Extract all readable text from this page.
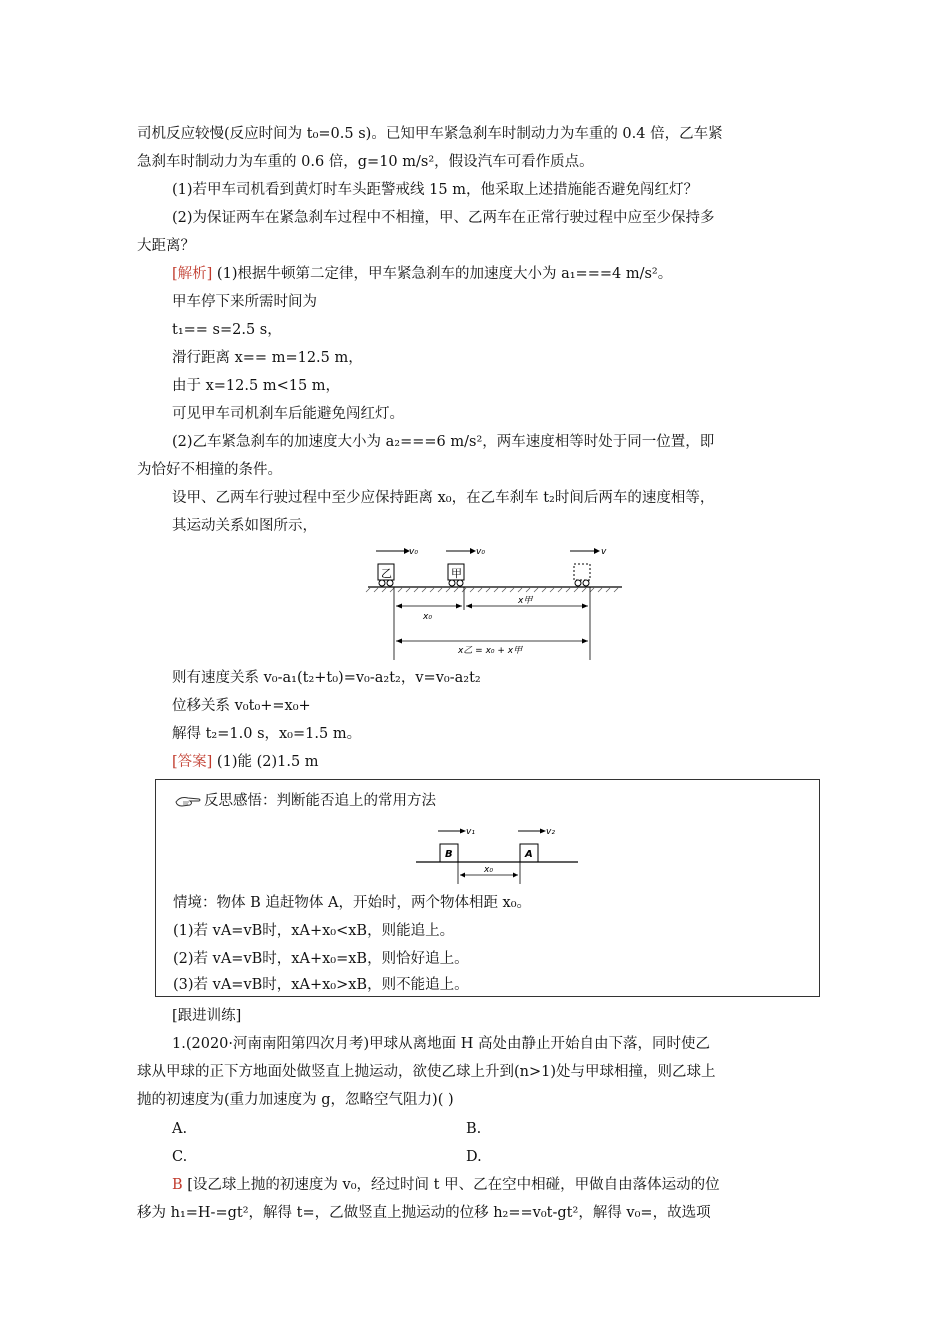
司机反应较慢(反应时间为 t₀=0.5 s)。已知甲车紧急刹车时制动力为车重的 0.4 倍，乙车紧
急刹车时制动力为车重的 0.6 倍，g=10 m/s²，假设汽车可看作质点。
(1)若甲车司机看到黄灯时车头距警戒线 15 m，他采取上述措施能否避免闯红灯？
(2)为保证两车在紧急刹车过程中不相撞，甲、乙两车在正常行驶过程中应至少保持多
大距离？
[解析] (1)根据牛顿第二定律，甲车紧急刹车的加速度大小为 a₁===4 m/s²。
甲车停下来所需时间为
t₁== s=2.5 s，
滑行距离 x== m=12.5 m，
由于 x=12.5 m<15 m，
可见甲车司机刹车后能避免闯红灯。
(2)乙车紧急刹车的加速度大小为 a₂===6 m/s²，两车速度相等时处于同一位置，即
为恰好不相撞的条件。
设甲、乙两车行驶过程中至少应保持距离 x₀，在乙车刹车 t₂时间后两车的速度相等，
其运动关系如图所示，
v₀	v₀	v
乙	甲
x₀
x甲
x乙 = x₀ + x甲
则有速度关系 v₀-a₁(t₂+t₀)=v₀-a₂t₂，v=v₀-a₂t₂
位移关系 v₀t₀+=x₀+
解得 t₂=1.0 s，x₀=1.5 m。
[答案] (1)能 (2)1.5 m
反思感悟：判断能否追上的常用方法
v₁	v₂
B	A
x₀
情境：物体 B 追赶物体 A，开始时，两个物体相距 x₀。
(1)若 vA=vB时，xA+x₀<xB，则能追上。
(2)若 vA=vB时，xA+x₀=xB，则恰好追上。
(3)若 vA=vB时，xA+x₀>xB，则不能追上。
[跟进训练]
1.(2020·河南南阳第四次月考)甲球从离地面 H 高处由静止开始自由下落，同时使乙
球从甲球的正下方地面处做竖直上抛运动，欲使乙球上升到(n>1)处与甲球相撞，则乙球上
抛的初速度为(重力加速度为 g，忽略空气阻力)( )
A.	B.
C.	D.
B [设乙球上抛的初速度为 v₀，经过时间 t 甲、乙在空中相碰，甲做自由落体运动的位
移为 h₁=H-=gt²，解得 t=，乙做竖直上抛运动的位移 h₂==v₀t-gt²，解得 v₀=，故选项
